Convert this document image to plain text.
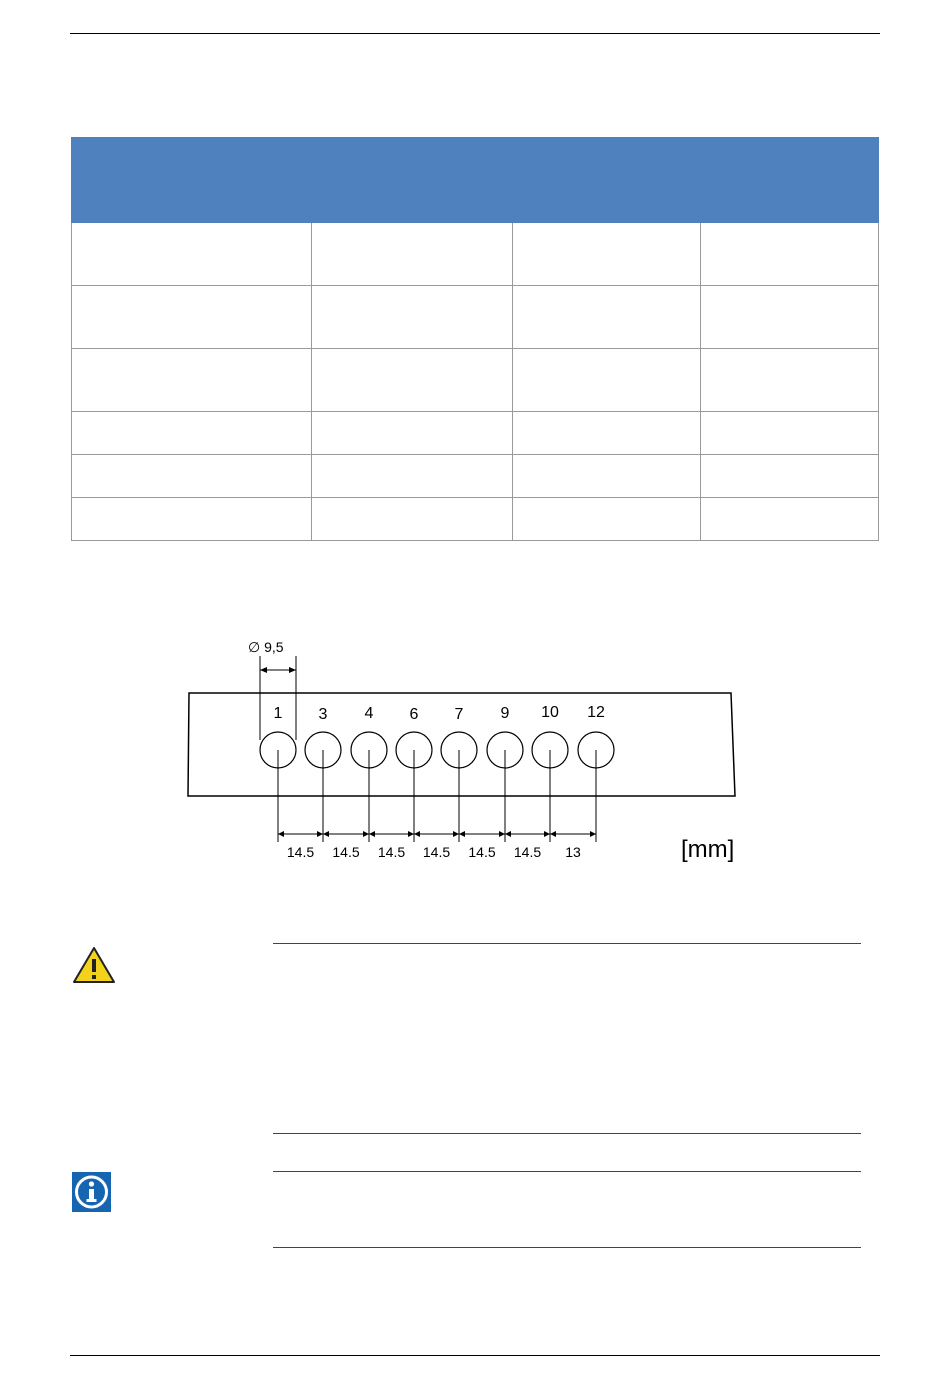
∅ 9,5
1 3 4 6 7 9 10 12
14.5 14.5 14.5 14.5 14.5 14.5 13	[mm]
